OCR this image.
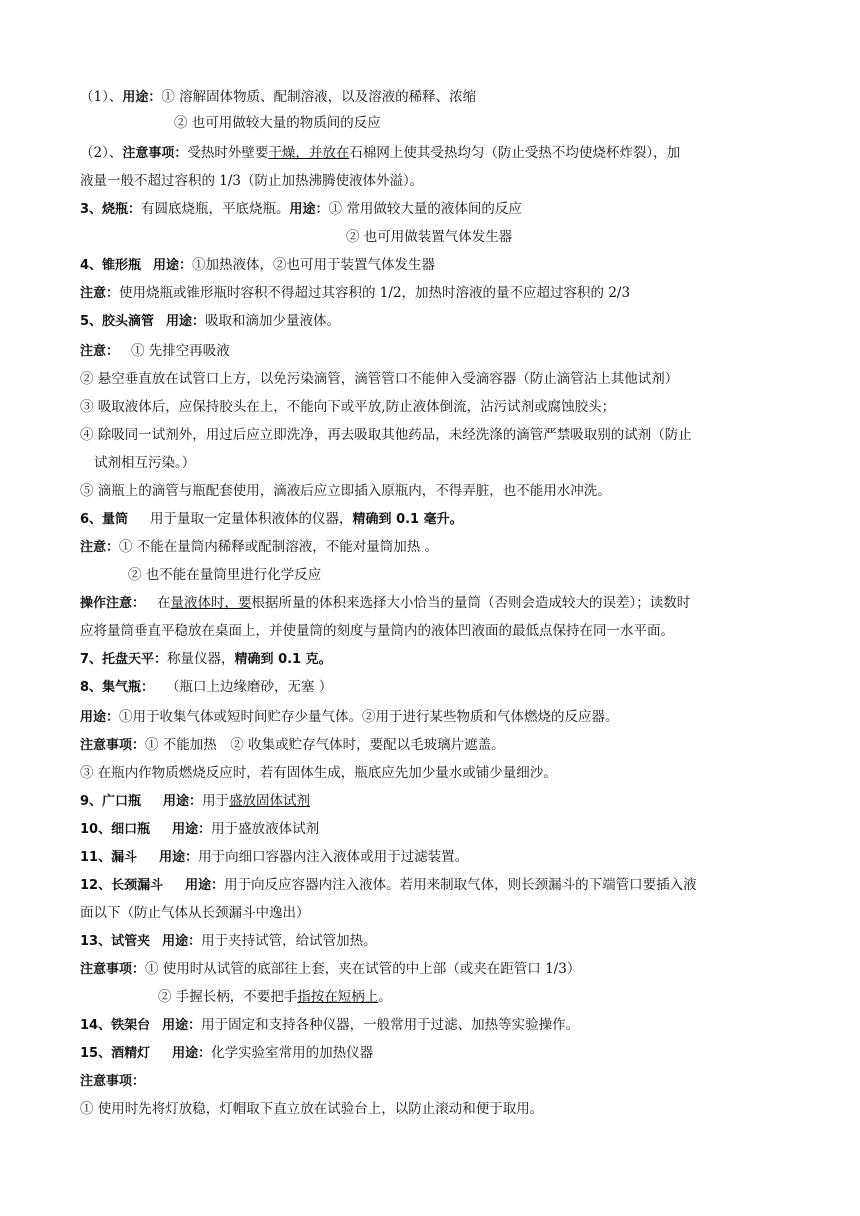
（1）、用途：① 溶解固体物质、配制溶液，以及溶液的稀释、浓缩
② 也可用做较大量的物质间的反应
（2）、注意事项：受热时外壁要干燥，并放在石棉网上使其受热均匀（防止受热不均使烧杯炸裂），加
液量一般不超过容积的 1/3（防止加热沸腾使液体外溢）。
3、烧瓶：有圆底烧瓶，平底烧瓶。用途：① 常用做较大量的液体间的反应
② 也可用做装置气体发生器
4、锥形瓶 用途：①加热液体，②也可用于装置气体发生器
注意：使用烧瓶或锥形瓶时容积不得超过其容积的 1/2，加热时溶液的量不应超过容积的 2/3
5、胶头滴管 用途：吸取和滴加少量液体。
注意： ① 先排空再吸液
② 悬空垂直放在试管口上方，以免污染滴管，滴管管口不能伸入受滴容器（防止滴管沾上其他试剂）
③ 吸取液体后，应保持胶头在上，不能向下或平放,防止液体倒流，沾污试剂或腐蚀胶头；
④ 除吸同一试剂外，用过后应立即洗净，再去吸取其他药品，未经洗涤的滴管严禁吸取别的试剂（防止
试剂相互污染。）
⑤ 滴瓶上的滴管与瓶配套使用，滴液后应立即插入原瓶内，不得弄脏，也不能用水冲洗。
6、量筒 用于量取一定量体积液体的仪器，精确到 0.1 毫升。
注意：① 不能在量筒内稀释或配制溶液，不能对量筒加热 。
② 也不能在量筒里进行化学反应
操作注意： 在量液体时，要根据所量的体积来选择大小恰当的量筒（否则会造成较大的误差）；读数时
应将量筒垂直平稳放在桌面上，并使量筒的刻度与量筒内的液体凹液面的最低点保持在同一水平面。
7、托盘天平：称量仪器，精确到 0.1 克。
8、集气瓶： （瓶口上边缘磨砂，无塞 ）
用途：①用于收集气体或短时间贮存少量气体。②用于进行某些物质和气体燃烧的反应器。
注意事项：① 不能加热　② 收集或贮存气体时，要配以毛玻璃片遮盖。
③ 在瓶内作物质燃烧反应时，若有固体生成，瓶底应先加少量水或铺少量细沙。
9、广口瓶 用途：用于盛放固体试剂
10、细口瓶 用途：用于盛放液体试剂
11、漏斗 用途：用于向细口容器内注入液体或用于过滤装置。
12、长颈漏斗 用途：用于向反应容器内注入液体。若用来制取气体，则长颈漏斗的下端管口要插入液
面以下（防止气体从长颈漏斗中逸出）
13、试管夹 用途：用于夹持试管，给试管加热。
注意事项：① 使用时从试管的底部往上套，夹在试管的中上部（或夹在距管口 1/3）
② 手握长柄，不要把手指按在短柄上。
14、铁架台 用途：用于固定和支持各种仪器，一般常用于过滤、加热等实验操作。
15、酒精灯 用途：化学实验室常用的加热仪器
注意事项：
① 使用时先将灯放稳，灯帽取下直立放在试验台上，以防止滚动和便于取用。
